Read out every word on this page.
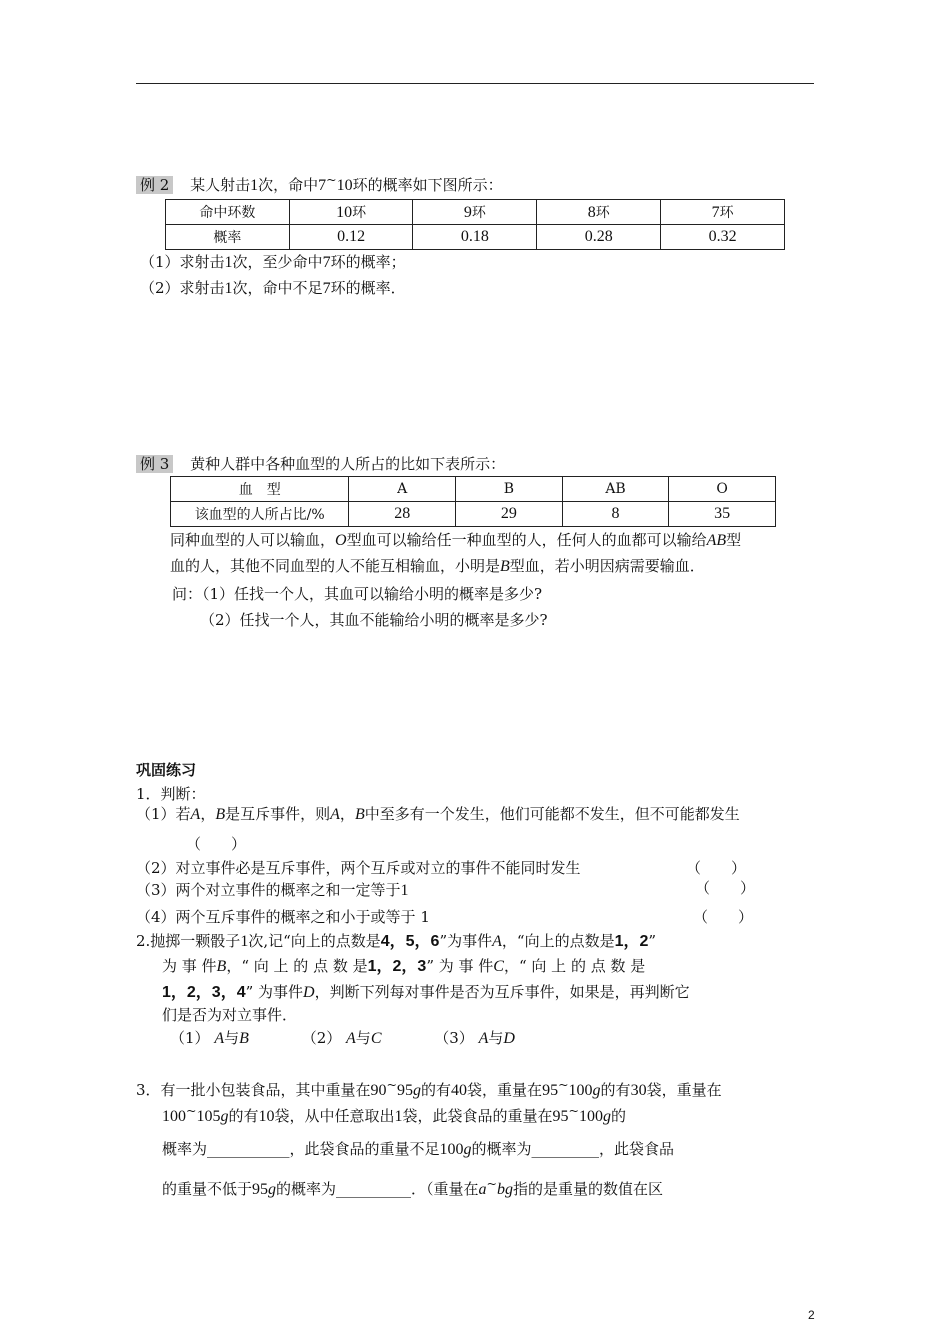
例 2 某人射击1次，命中7~10环的概率如下图所示：
命中环数	10环	9环	8环	7环
概率	0.12	0.18	0.28	0.32
（1）求射击1次，至少命中7环的概率；
（2）求射击1次，命中不足7环的概率．
例 3 黄种人群中各种血型的人所占的比如下表所示：
血　型	A	B	AB	O
该血型的人所占比/%	28	29	8	35
同种血型的人可以输血，O型血可以输给任一种血型的人，任何人的血都可以输给AB型
血的人，其他不同血型的人不能互相输血，小明是B型血，若小明因病需要输血．
问：（1）任找一个人，其血可以输给小明的概率是多少?
（2）任找一个人，其血不能输给小明的概率是多少?
巩固练习
1．判断：
（1）若A，B是互斥事件，则A，B中至多有一个发生，他们可能都不发生，但不可能都发生
（　　）
（2）对立事件必是互斥事件，两个互斥或对立的事件不能同时发生	（　　）
（3）两个对立事件的概率之和一定等于1	（　　）
（4）两个互斥事件的概率之和小于或等于 1	（　　）
2.抛掷一颗骰子1次,记“向上的点数是4，5，6”为事件A，“向上的点数是1，2”
为 事 件B，“ 向 上 的 点 数 是1，2，3” 为 事 件C，“ 向 上 的 点 数 是
1，2，3，4” 为事件D，判断下列每对事件是否为互斥事件，如果是，再判断它
们是否为对立事件．
（1） A与B	（2） A与C	（3） A与D
3．有一批小包装食品，其中重量在90~95g的有40袋，重量在95~100g的有30袋，重量在
100~105g的有10袋，从中任意取出1袋，此袋食品的重量在95~100g的
概率为___________，此袋食品的重量不足100g的概率为_________，此袋食品
的重量不低于95g的概率为__________．（重量在a~bg指的是重量的数值在区
2
